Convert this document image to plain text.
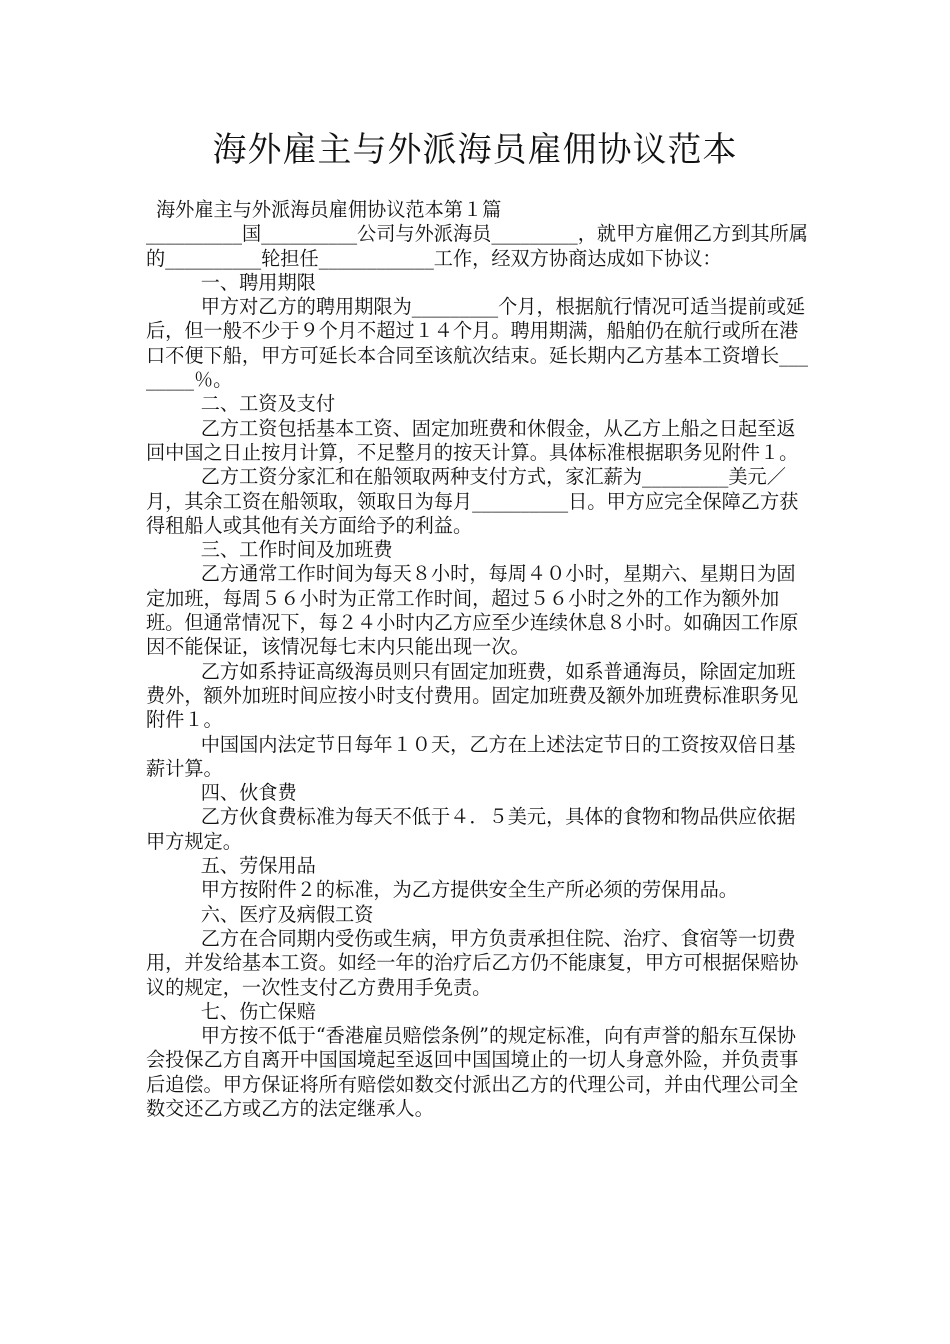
海外雇主与外派海员雇佣协议范本

海外雇主与外派海员雇佣协议范本第１篇

__________国__________公司与外派海员_________，就甲方雇佣乙方到其所属的__________轮担任____________工作，经双方协商达成如下协议：

一、聘用期限

甲方对乙方的聘用期限为_________个月，根据航行情况可适当提前或延后，但一般不少于９个月不超过１４个月。聘用期满，船舶仍在航行或所在港口不便下船，甲方可延长本合同至该航次结束。延长期内乙方基本工资增长________％。

二、工资及支付

乙方工资包括基本工资、固定加班费和休假金，从乙方上船之日起至返回中国之日止按月计算，不足整月的按天计算。具体标准根据职务见附件１。

乙方工资分家汇和在船领取两种支付方式，家汇薪为_________美元／月，其余工资在船领取，领取日为每月__________日。甲方应完全保障乙方获得租船人或其他有关方面给予的利益。

三、工作时间及加班费

乙方通常工作时间为每天８小时，每周４０小时，星期六、星期日为固定加班，每周５６小时为正常工作时间，超过５６小时之外的工作为额外加班。但通常情况下，每２４小时内乙方应至少连续休息８小时。如确因工作原因不能保证，该情况每七末内只能出现一次。

乙方如系持证高级海员则只有固定加班费，如系普通海员，除固定加班费外，额外加班时间应按小时支付费用。固定加班费及额外加班费标准职务见附件１。

中国国内法定节日每年１０天，乙方在上述法定节日的工资按双倍日基薪计算。

四、伙食费

乙方伙食费标准为每天不低于４．５美元，具体的食物和物品供应依据甲方规定。

五、劳保用品

甲方按附件２的标准，为乙方提供安全生产所必须的劳保用品。

六、医疗及病假工资

乙方在合同期内受伤或生病，甲方负责承担住院、治疗、食宿等一切费用，并发给基本工资。如经一年的治疗后乙方仍不能康复，甲方可根据保赔协议的规定，一次性支付乙方费用手免责。

七、伤亡保赔

甲方按不低于“香港雇员赔偿条例”的规定标准，向有声誉的船东互保协会投保乙方自离开中国国境起至返回中国国境止的一切人身意外险，并负责事后追偿。甲方保证将所有赔偿如数交付派出乙方的代理公司，并由代理公司全数交还乙方或乙方的法定继承人。
